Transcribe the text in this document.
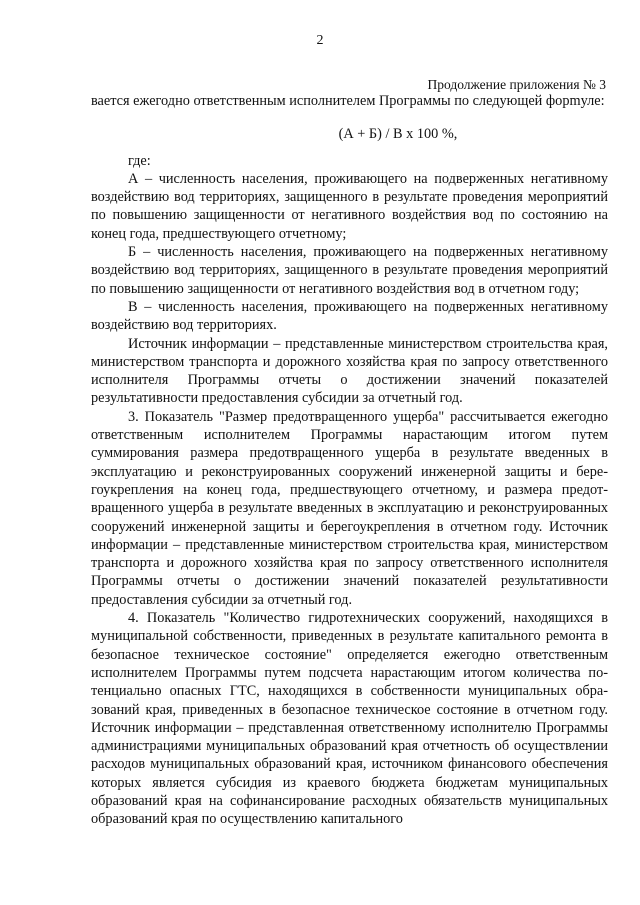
2
Продолжение приложения № 3

вается ежегодно ответственным исполнителем Программы по следующей форmуле:

(А + Б) / В х 100 %,

где:

А – численность населения, проживающего на подверженных негативному воздействию вод территориях, защищенного в результате проведения мероприятий по повышению защищенности от негативного воздействия вод по состоянию на конец года, предшествующего отчетному;

Б – численность населения, проживающего на подверженных негативному воздействию вод территориях, защищенного в результате проведения мероприятий по повышению защищенности от негативного воздействия вод в отчетном году;

В – численность населения, проживающего на подверженных негативному воздействию вод территориях.

Источник информации – представленные министерством строительства края, министерством транспорта и дорожного хозяйства края по запросу ответственного исполнителя Программы отчеты о достижении значений показателей результативности предоставления субсидии за отчетный год.

3. Показатель "Размер предотвращенного ущерба" рассчитывается ежегодно ответственным исполнителем Программы нарастающим итогом путем суммирования размера предотвращенного ущерба в результате введенных в эксплуатацию и реконструированных сооружений инженерной защиты и берегоукрепления на конец года, предшествующего отчетному, и размера предотвращенного ущерба в результате введенных в эксплуатацию и реконструированных сооружений инженерной защиты и берегоукрепления в отчетном году. Источник информации – представленные министерством строительства края, министерством транспорта и дорожного хозяйства края по запросу ответственного исполнителя Программы отчеты о достижении значений показателей результативности предоставления субсидии за отчетный год.

4. Показатель "Количество гидротехнических сооружений, находящихся в муниципальной собственности, приведенных в результате капитального ремонта в безопасное техническое состояние" определяется ежегодно ответственным исполнителем Программы путем подсчета нарастающим итогом количества потенциально опасных ГТС, находящихся в собственности муниципальных образований края, приведенных в безопасное техническое состояние в отчетном году. Источник информации – представленная ответственному исполнителю Программы администрациями муниципальных образований края отчетность об осуществлении расходов муниципальных образований края, источником финансового обеспечения которых является субсидия из краевого бюджета бюджетам муниципальных образований края на софинансирование расходных обязательств муниципальных образований края по осуществлению капитального
